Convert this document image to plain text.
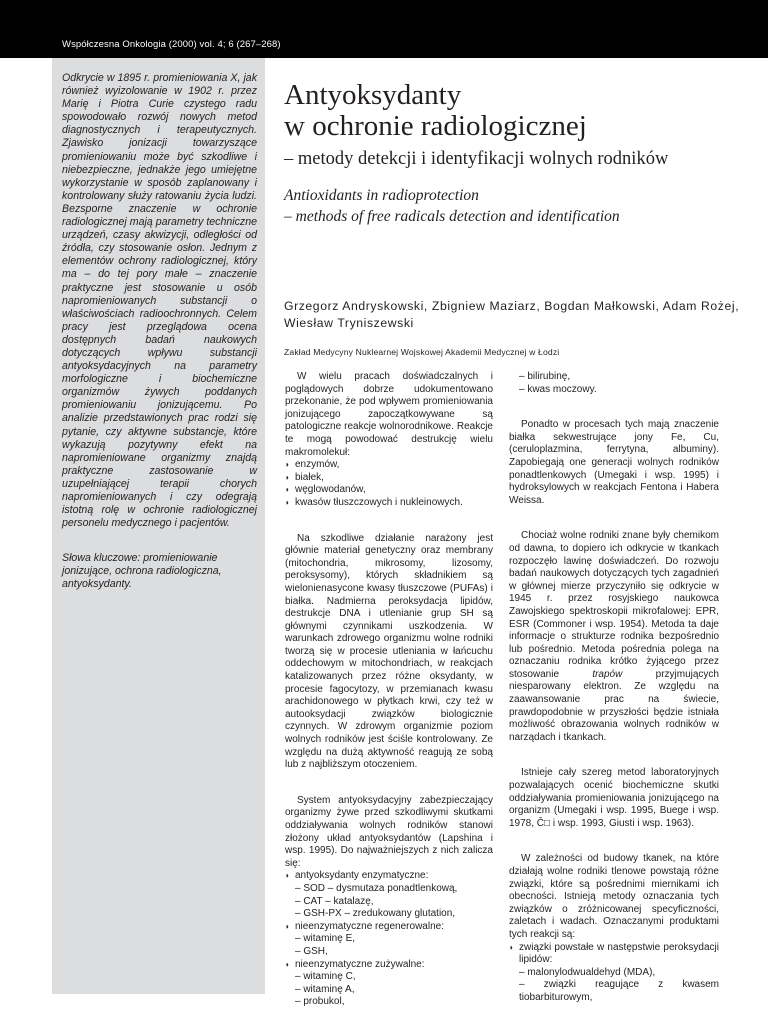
Współczesna Onkologia (2000) vol. 4; 6 (267–268)

Odkrycie w 1895 r. promieniowania X, jak również wyizolowanie w 1902 r. przez Marię i Piotra Curie czystego radu spowodowało rozwój nowych metod diagnostycznych i terapeutycznych. Zjawisko jonizacji towarzyszące promieniowaniu może być szkodliwe i niebezpieczne, jednakże jego umiejętne wykorzystanie w sposób zaplanowany i kontrolowany służy ratowaniu życia ludzi. Bezsporne znaczenie w ochronie radiologicznej mają parametry techniczne urządzeń, czasy akwizycji, odległości od źródła, czy stosowanie osłon. Jednym z elementów ochrony radiologicznej, który ma – do tej pory małe – znaczenie praktyczne jest stosowanie u osób napromieniowanych substancji o właściwościach radioochronnych. Celem pracy jest przeglądowa ocena dostępnych badań naukowych dotyczących wpływu substancji antyoksydacyjnych na parametry morfologiczne i biochemiczne organizmów żywych poddanych promieniowaniu jonizującemu. Po analizie przedstawionych prac rodzi się pytanie, czy aktywne substancje, które wykazują pozytywny efekt na napromieniowane organizmy znajdą praktyczne zastosowanie w uzupełniającej terapii chorych napromieniowanych i czy odegrają istotną rolę w ochronie radiologicznej personelu medycznego i pacjentów.

Słowa kluczowe: promieniowanie jonizujące, ochrona radiologiczna, antyoksydanty.
Antyoksydanty
w ochronie radiologicznej
– metody detekcji i identyfikacji wolnych rodników
Antioxidants in radioprotection
– methods of free radicals detection and identification
Grzegorz Andryskowski, Zbigniew Maziarz, Bogdan Małkowski, Adam Rożej, Wiesław Tryniszewski
Zakład Medycyny Nuklearnej Wojskowej Akademii Medycznej w Łodzi

W wielu pracach doświadczalnych i poglądowych dobrze udokumentowano przekonanie, że pod wpływem promieniowania jonizującego zapoczątkowywane są patologiczne reakcje wolnorodnikowe. Reakcje te mogą powodować destrukcję wielu makromolekuł:

◗ enzymów,
◗ białek,
◗ węglowodanów,
◗ kwasów tłuszczowych i nukleinowych.

Na szkodliwe działanie narażony jest głównie materiał genetyczny oraz membrany (mitochondria, mikrosomy, lizosomy, peroksysomy), których składnikiem są wielonienasycone kwasy tłuszczowe (PUFAs) i białka. Nadmierna peroksydacja lipidów, destrukcje DNA i utlenianie grup SH są głównymi czynnikami uszkodzenia. W warunkach zdrowego organizmu wolne rodniki tworzą się w procesie utleniania w łańcuchu oddechowym w mitochondriach, w reakcjach katalizowanych przez różne oksydanty, w procesie fagocytozy, w przemianach kwasu arachidonowego w płytkach krwi, czy też w autooksydacji związków biologicznie czynnych. W zdrowym organizmie poziom wolnych rodników jest ściśle kontrolowany. Ze względu na dużą aktywność reagują ze sobą lub z najbliższym otoczeniem.

System antyoksydacyjny zabezpieczający organizmy żywe przed szkodliwymi skutkami oddziaływania wolnych rodników stanowi złożony układ antyoksydantów (Lapshina i wsp. 1995). Do najważniejszych z nich zalicza się:

◗ antyoksydanty enzymatyczne:
– SOD – dysmutaza ponadtlenkową,
– CAT – katalazę,
– GSH-PX – zredukowany glutation,
◗ nieenzymatyczne regenerowalne:
– witaminę E,
– GSH,
◗ nieenzymatyczne zużywalne:
– witaminę C,
– witaminę A,
– probukol,
– bilirubinę,
– kwas moczowy.

Ponadto w procesach tych mają znaczenie białka sekwestrujące jony Fe, Cu, (ceruloplazmina, ferrytyna, albuminy). Zapobiegają one generacji wolnych rodników ponadtlenkowych (Umegaki i wsp. 1995) i hydroksylowych w reakcjach Fentona i Habera Weissa.

Chociaż wolne rodniki znane były chemikom od dawna, to dopiero ich odkrycie w tkankach rozpoczęło lawinę doświadczeń. Do rozwoju badań naukowych dotyczących tych zagadnień w głównej mierze przyczyniło się odkrycie w 1945 r. przez rosyjskiego naukowca Zawojskiego spektroskopii mikrofalowej: EPR, ESR (Commoner i wsp. 1954). Metoda ta daje informacje o strukturze rodnika bezpośrednio lub pośrednio. Metoda pośrednia polega na oznaczaniu rodnika krótko żyjącego przez stosowanie	trapów	przyjmujących niesparowany elektron. Ze względu na zaawansowanie prac na świecie, prawdopodobnie w przyszłości będzie istniała możliwość obrazowania wolnych rodników w narządach i tkankach.

Istnieje cały szereg metod laboratoryjnych pozwalających ocenić biochemiczne skutki oddziaływania promieniowania jonizującego na organizm (Umegaki i wsp. 1995, Buege i wsp. 1978, Č□ i wsp. 1993, Giusti i wsp. 1963).

W zależności od budowy tkanek, na które działają wolne rodniki tlenowe powstają różne związki, które są pośrednimi miernikami ich obecności. Istnieją metody oznaczania tych związków o zróżnicowanej specyficzności, zaletach i wadach. Oznaczanymi produktami tych reakcji są:

◗ związki powstałe w następstwie peroksydacji lipidów:
– malonylodwualdehyd (MDA),
– związki reagujące z kwasem tiobarbiturowym,
